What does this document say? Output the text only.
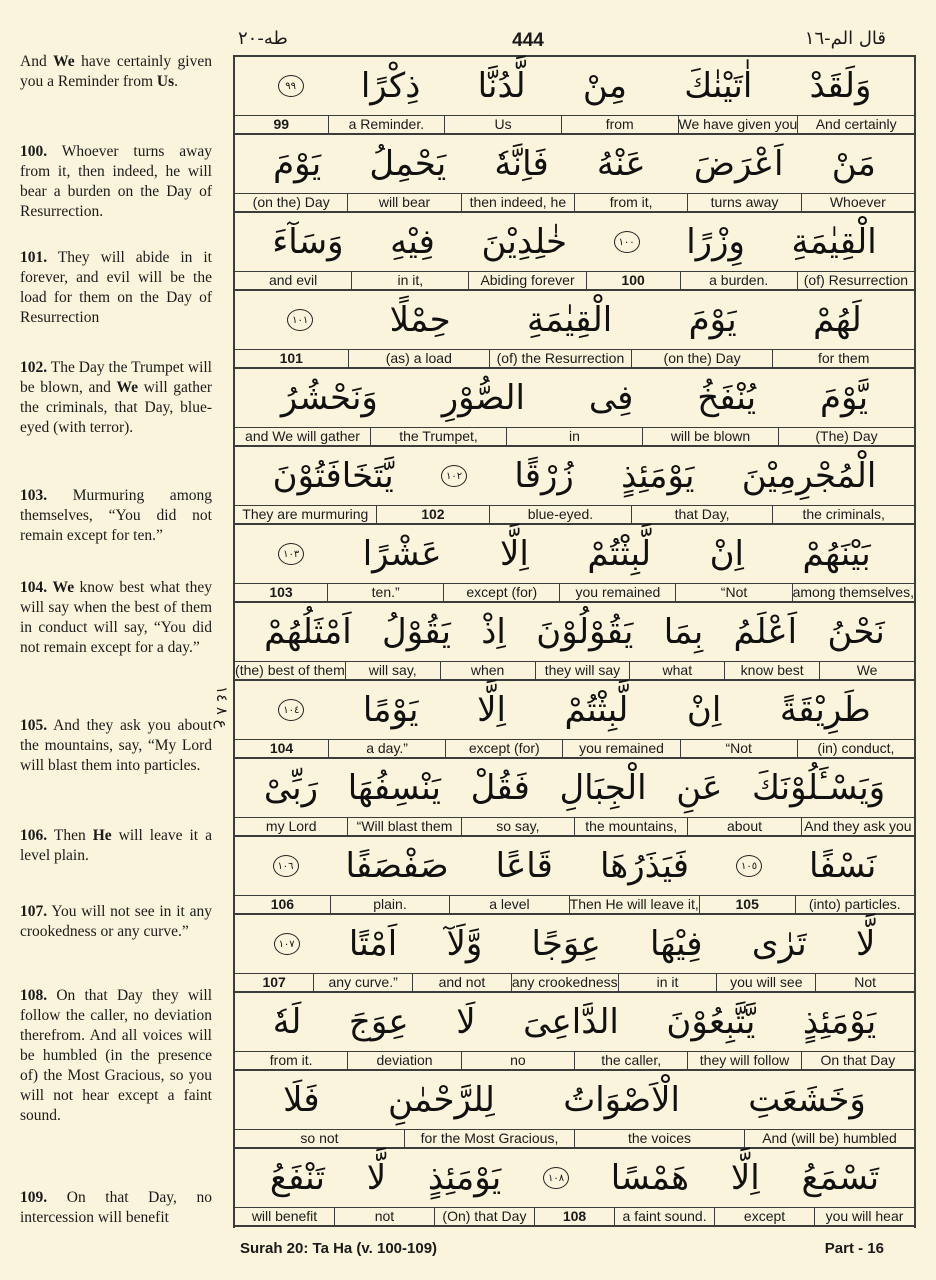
قال الم-١٦
444
طه-٢٠
And We have certainly given you a Reminder from Us.
100. Whoever turns away from it, then indeed, he will bear a burden on the Day of Resurrection.
101. They will abide in it forever, and evil will be the load for them on the Day of Resurrection
102. The Day the Trumpet will be blown, and We will gather the criminals, that Day, blue-eyed (with terror).
103. Murmuring among themselves, “You did not remain except for ten.”
104. We know best what they will say when the best of them in conduct will say, “You did not remain except for a day.”
105. And they ask you about the mountains, say, “My Lord will blast them into particles.
106. Then He will leave it a level plain.
107. You will not see in it any crookedness or any curve.”
108. On that Day they will follow the caller, no deviation therefrom. And all voices will be humbled (in the presence of) the Most Gracious, so you will not hear except a faint sound.
109. On that Day, no intercession will benefit
ع ٨ ١٤
وَلَقَدْ
اٰتَيْنٰكَ
مِنْ
لَّدُنَّا
ذِكْرًا
٩٩
And certainly
We have given you
from
Us
a Reminder.
99
مَنْ
اَعْرَضَ
عَنْهُ
فَاِنَّهٗ
يَحْمِلُ
يَوْمَ
Whoever
turns away
from it,
then indeed, he
will bear
(on the) Day
الْقِيٰمَةِ
وِزْرًا
١٠٠
خٰلِدِيْنَ
فِيْهِ
وَسَآءَ
(of) Resurrection
a burden.
100
Abiding forever
in it,
and evil
لَهُمْ
يَوْمَ
الْقِيٰمَةِ
حِمْلًا
١٠١
for them
(on the) Day
(of) the Resurrection
(as) a load
101
يَّوْمَ
يُنْفَخُ
فِى
الصُّوْرِ
وَنَحْشُرُ
(The) Day
will be blown
in
the Trumpet,
and We will gather
الْمُجْرِمِيْنَ
يَوْمَئِذٍ
زُرْقًا
١٠٢
يَّتَخَافَتُوْنَ
the criminals,
that Day,
blue-eyed.
102
They are murmuring
بَيْنَهُمْ
اِنْ
لَّبِثْتُمْ
اِلَّا
عَشْرًا
١٠٣
among themselves,
“Not
you remained
except (for)
ten.”
103
نَحْنُ
اَعْلَمُ
بِمَا
يَقُوْلُوْنَ
اِذْ
يَقُوْلُ
اَمْثَلُهُمْ
We
know best
what
they will say
when
will say,
(the) best of them
طَرِيْقَةً
اِنْ
لَّبِثْتُمْ
اِلَّا
يَوْمًا
١٠٤
(in) conduct,
“Not
you remained
except (for)
a day.”
104
وَيَسْـَٔلُوْنَكَ
عَنِ
الْجِبَالِ
فَقُلْ
يَنْسِفُهَا
رَبِّىْ
And they ask you
about
the mountains,
so say,
“Will blast them
my Lord
نَسْفًا
١٠٥
فَيَذَرُهَا
قَاعًا
صَفْصَفًا
١٠٦
(into) particles.
105
Then He will leave it,
a level
plain.
106
لَّا
تَرٰى
فِيْهَا
عِوَجًا
وَّلَآ
اَمْتًا
١٠٧
Not
you will see
in it
any crookedness
and not
any curve.”
107
يَوْمَئِذٍ
يَّتَّبِعُوْنَ
الدَّاعِىَ
لَا
عِوَجَ
لَهٗ
On that Day
they will follow
the caller,
no
deviation
from it.
وَخَشَعَتِ
الْاَصْوَاتُ
لِلرَّحْمٰنِ
فَلَا
And (will be) humbled
the voices
for the Most Gracious,
so not
تَسْمَعُ
اِلَّا
هَمْسًا
١٠٨
يَوْمَئِذٍ
لَّا
تَنْفَعُ
you will hear
except
a faint sound.
108
(On) that Day
not
will benefit
Surah 20: Ta Ha (v. 100-109)	Part - 16
